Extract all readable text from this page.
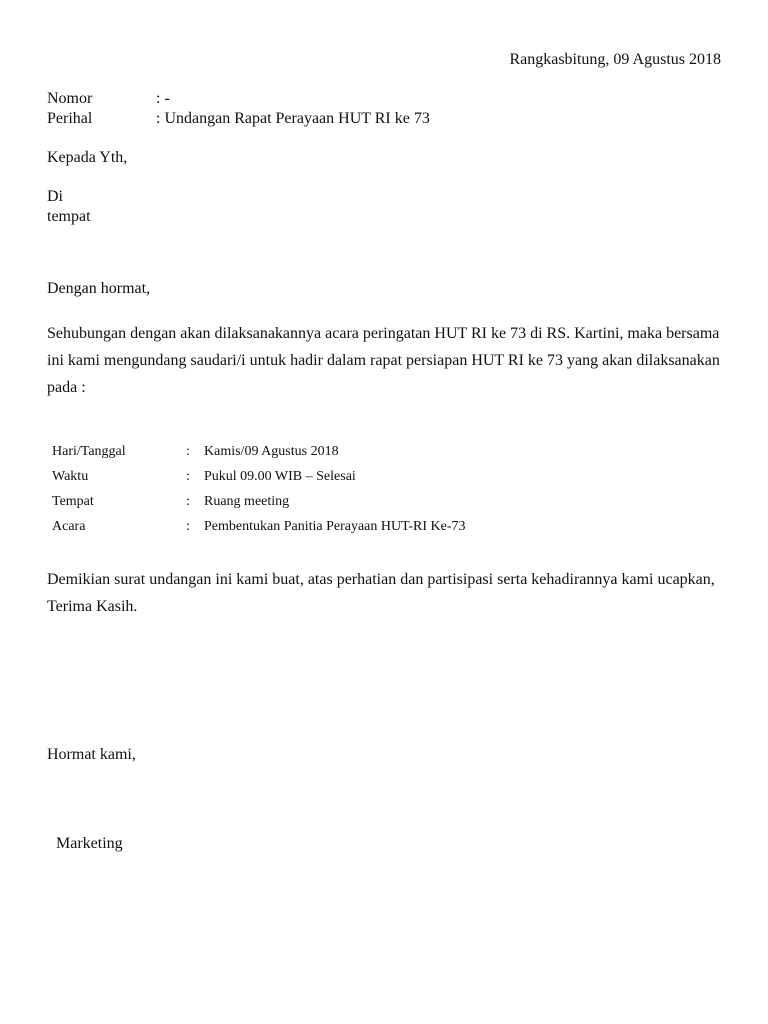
Rangkasbitung, 09 Agustus 2018
Nomor	: -
Perihal	: Undangan Rapat Perayaan HUT RI ke 73
Kepada Yth,
Di
tempat
Dengan hormat,
Sehubungan dengan akan dilaksanakannya acara peringatan HUT RI ke 73 di RS. Kartini, maka bersama ini kami mengundang saudari/i untuk hadir dalam rapat persiapan HUT RI ke 73 yang akan dilaksanakan pada :
Hari/Tanggal	: Kamis/09 Agustus 2018
Waktu	: Pukul 09.00 WIB – Selesai
Tempat	: Ruang meeting
Acara	: Pembentukan Panitia Perayaan HUT-RI Ke-73
Demikian surat undangan ini kami buat, atas perhatian dan partisipasi serta kehadirannya kami ucapkan, Terima Kasih.
Hormat kami,
Marketing
